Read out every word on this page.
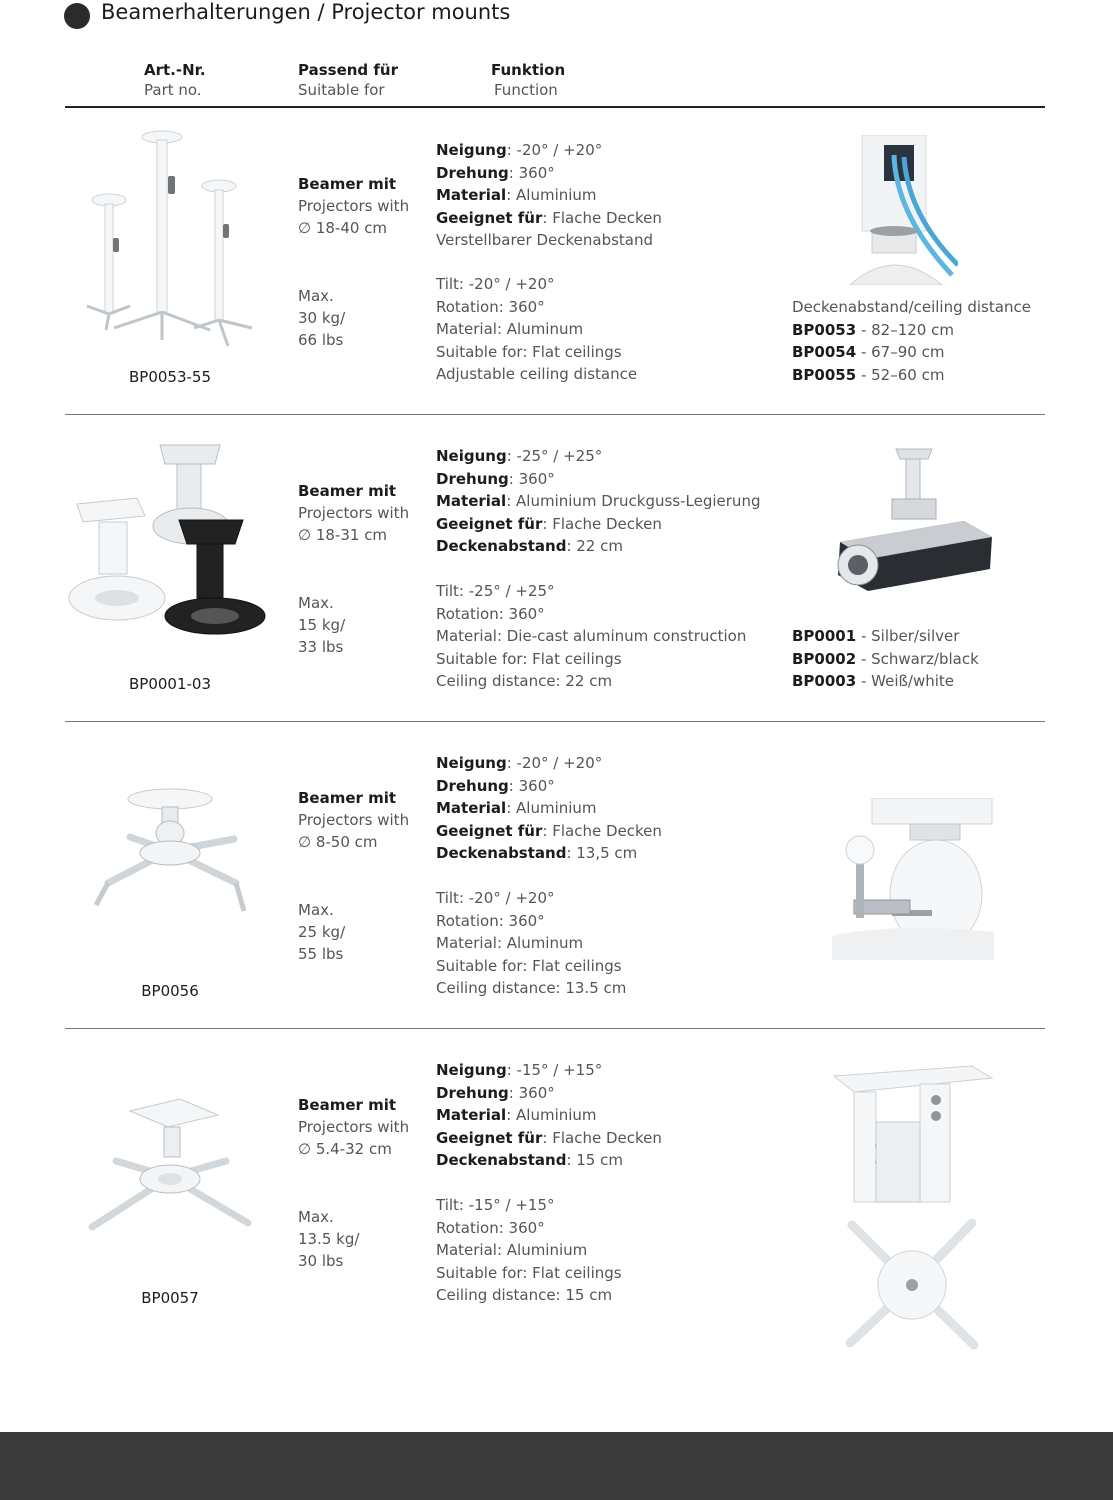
Beamerhalterungen / Projector mounts
Art.-Nr.
Part no.
Passend für
Suitable for
Funktion
Function
BP0053-55
Beamer mit
Projectors with
∅ 18-40 cm
Max.
30 kg/
66 lbs
Neigung: -20° / +20°
Drehung: 360°
Material: Aluminium
Geeignet für: Flache Decken
Verstellbarer Deckenabstand
Tilt: -20° / +20°
Rotation: 360°
Material: Aluminum
Suitable for: Flat ceilings
Adjustable ceiling distance
Deckenabstand/ceiling distance
BP0053 - 82–120 cm
BP0054 - 67–90 cm
BP0055 - 52–60 cm
BP0001-03
Beamer mit
Projectors with
∅ 18-31 cm
Max.
15 kg/
33 lbs
Neigung: -25° / +25°
Drehung: 360°
Material: Aluminium Druckguss-Legierung
Geeignet für: Flache Decken
Deckenabstand: 22 cm
Tilt: -25° / +25°
Rotation: 360°
Material: Die-cast aluminum construction
Suitable for: Flat ceilings
Ceiling distance: 22 cm
BP0001 - Silber/silver
BP0002 - Schwarz/black
BP0003 - Weiß/white
BP0056
Beamer mit
Projectors with
∅ 8-50 cm
Max.
25 kg/
55 lbs
Neigung: -20° / +20°
Drehung: 360°
Material: Aluminium
Geeignet für: Flache Decken
Deckenabstand: 13,5 cm
Tilt: -20° / +20°
Rotation: 360°
Material: Aluminum
Suitable for: Flat ceilings
Ceiling distance: 13.5 cm
BP0057
Beamer mit
Projectors with
∅ 5.4-32 cm
Max.
13.5 kg/
30 lbs
Neigung: -15° / +15°
Drehung: 360°
Material: Aluminium
Geeignet für: Flache Decken
Deckenabstand: 15 cm
Tilt: -15° / +15°
Rotation: 360°
Material: Aluminium
Suitable for: Flat ceilings
Ceiling distance: 15 cm
